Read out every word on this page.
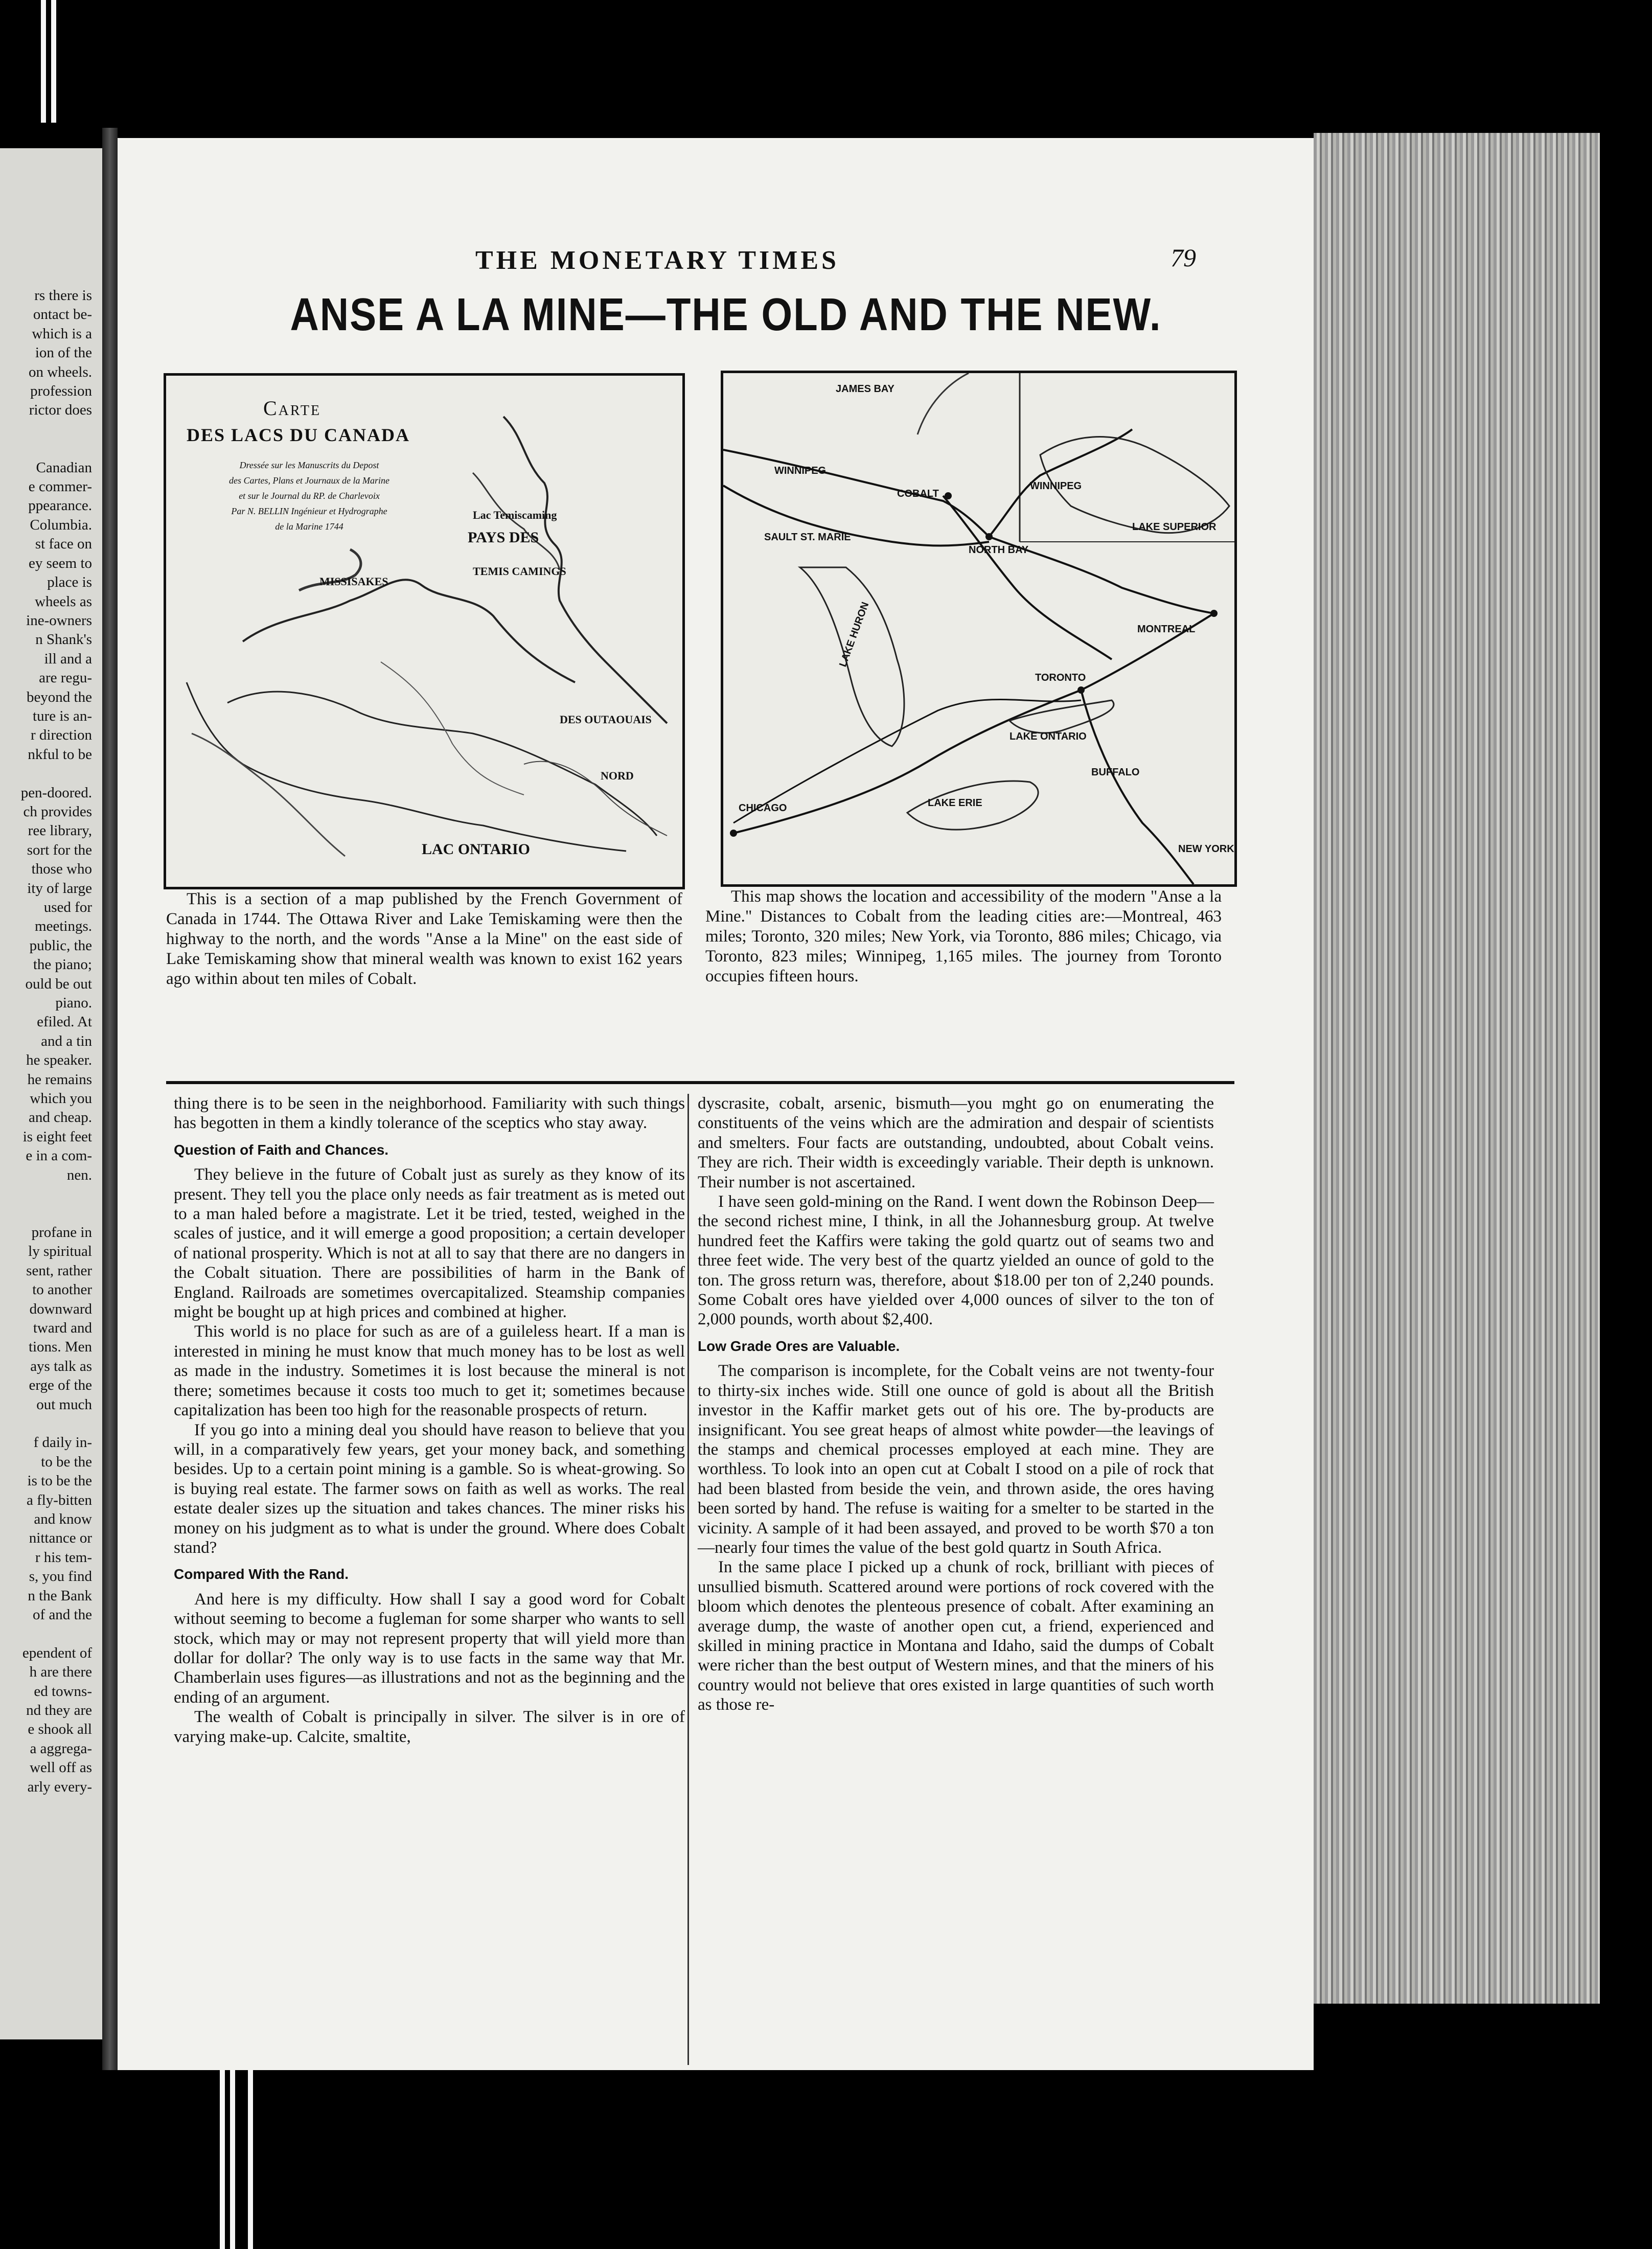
rs there is
ontact be-
which is a
ion of the
on wheels.
profession
rictor does

Canadian
e commer-
ppearance.
Columbia.
st face on
ey seem to
place is
wheels as
ine-owners
n Shank's
ill and a
are regu-
beyond the
ture is an-
r direction
nkful to be

pen-doored.
ch provides
ree library,
sort for the
those who
ity of large
used for
meetings.
public, the
the piano;
ould be out
piano.
efiled. At
and a tin
he speaker.
he remains
which you
and cheap.
is eight feet
e in a com-
nen.

profane in
ly spiritual
sent, rather
to another
downward
tward and
tions. Men
ays talk as
erge of the
out much

f daily in-
to be the
is to be the
a fly-bitten
and know
nittance or
r his tem-
s, you find
n the Bank
of and the

ependent of
h are there
ed towns-
nd they are
e shook all
a aggrega-
well off as
arly every-
THE MONETARY TIMES	79
ANSE A LA MINE—THE OLD AND THE NEW.
Carte
DES LACS DU CANADA
Dressée sur les Manuscrits du Depost
des Cartes, Plans et Journaux de la Marine
et sur le Journal du RP. de Charlevoix
Par N. BELLIN Ingénieur et Hydrographe
de la Marine 1744
Lac Temiscaming
PAYS DES
TEMIS CAMINGS
MISSISAKES
DES OUTAOUAIS
NORD
LAC ONTARIO
JAMES BAY
WINNIPEG
COBALT
WINNIPEG
NORTH BAY
LAKE SUPERIOR
SAULT ST. MARIE
LAKE HURON	MONTREAL
TORONTO
LAKE ONTARIO
BUFFALO
CHICAGO	LAKE ERIE
NEW YORK
This is a section of a map published by the French Government of Canada in 1744. The Ottawa River and Lake Temiskaming were then the highway to the north, and the words "Anse a la Mine" on the east side of Lake Temiskaming show that mineral wealth was known to exist 162 years ago within about ten miles of Cobalt.
This map shows the location and accessibility of the modern "Anse a la Mine." Distances to Cobalt from the leading cities are:—Montreal, 463 miles; Toronto, 320 miles; New York, via Toronto, 886 miles; Chicago, via Toronto, 823 miles; Winnipeg, 1,165 miles. The journey from Toronto occupies fifteen hours.

thing there is to be seen in the neighborhood. Familiarity with such things has begotten in them a kindly tolerance of the sceptics who stay away.

Question of Faith and Chances.

They believe in the future of Cobalt just as surely as they know of its present. They tell you the place only needs as fair treatment as is meted out to a man haled before a magistrate. Let it be tried, tested, weighed in the scales of justice, and it will emerge a good proposition; a certain developer of national prosperity. Which is not at all to say that there are no dangers in the Cobalt situation. There are possibilities of harm in the Bank of England. Railroads are sometimes overcapitalized. Steamship companies might be bought up at high prices and combined at higher.

This world is no place for such as are of a guileless heart. If a man is interested in mining he must know that much money has to be lost as well as made in the industry. Sometimes it is lost because the mineral is not there; sometimes because it costs too much to get it; sometimes because capitalization has been too high for the reasonable prospects of return.

If you go into a mining deal you should have reason to believe that you will, in a comparatively few years, get your money back, and something besides. Up to a certain point mining is a gamble. So is wheat-growing. So is buying real estate. The farmer sows on faith as well as works. The real estate dealer sizes up the situation and takes chances. The miner risks his money on his judgment as to what is under the ground. Where does Cobalt stand?

Compared With the Rand.

And here is my difficulty. How shall I say a good word for Cobalt without seeming to become a fugleman for some sharper who wants to sell stock, which may or may not represent property that will yield more than dollar for dollar? The only way is to use facts in the same way that Mr. Chamberlain uses figures—as illustrations and not as the beginning and the ending of an argument.

The wealth of Cobalt is principally in silver. The silver is in ore of varying make-up. Calcite, smaltite,

dyscrasite, cobalt, arsenic, bismuth—you mght go on enumerating the constituents of the veins which are the admiration and despair of scientists and smelters. Four facts are outstanding, undoubted, about Cobalt veins. They are rich. Their width is exceedingly variable. Their depth is unknown. Their number is not ascertained.

I have seen gold-mining on the Rand. I went down the Robinson Deep—the second richest mine, I think, in all the Johannesburg group. At twelve hundred feet the Kaffirs were taking the gold quartz out of seams two and three feet wide. The very best of the quartz yielded an ounce of gold to the ton. The gross return was, therefore, about $18.00 per ton of 2,240 pounds. Some Cobalt ores have yielded over 4,000 ounces of silver to the ton of 2,000 pounds, worth about $2,400.

Low Grade Ores are Valuable.

The comparison is incomplete, for the Cobalt veins are not twenty-four to thirty-six inches wide. Still one ounce of gold is about all the British investor in the Kaffir market gets out of his ore. The by-products are insignificant. You see great heaps of almost white powder—the leavings of the stamps and chemical processes employed at each mine. They are worthless. To look into an open cut at Cobalt I stood on a pile of rock that had been blasted from beside the vein, and thrown aside, the ores having been sorted by hand. The refuse is waiting for a smelter to be started in the vicinity. A sample of it had been assayed, and proved to be worth $70 a ton—nearly four times the value of the best gold quartz in South Africa.

In the same place I picked up a chunk of rock, brilliant with pieces of unsullied bismuth. Scattered around were portions of rock covered with the bloom which denotes the plenteous presence of cobalt. After examining an average dump, the waste of another open cut, a friend, experienced and skilled in mining practice in Montana and Idaho, said the dumps of Cobalt were richer than the best output of Western mines, and that the miners of his country would not believe that ores existed in large quantities of such worth as those re-
